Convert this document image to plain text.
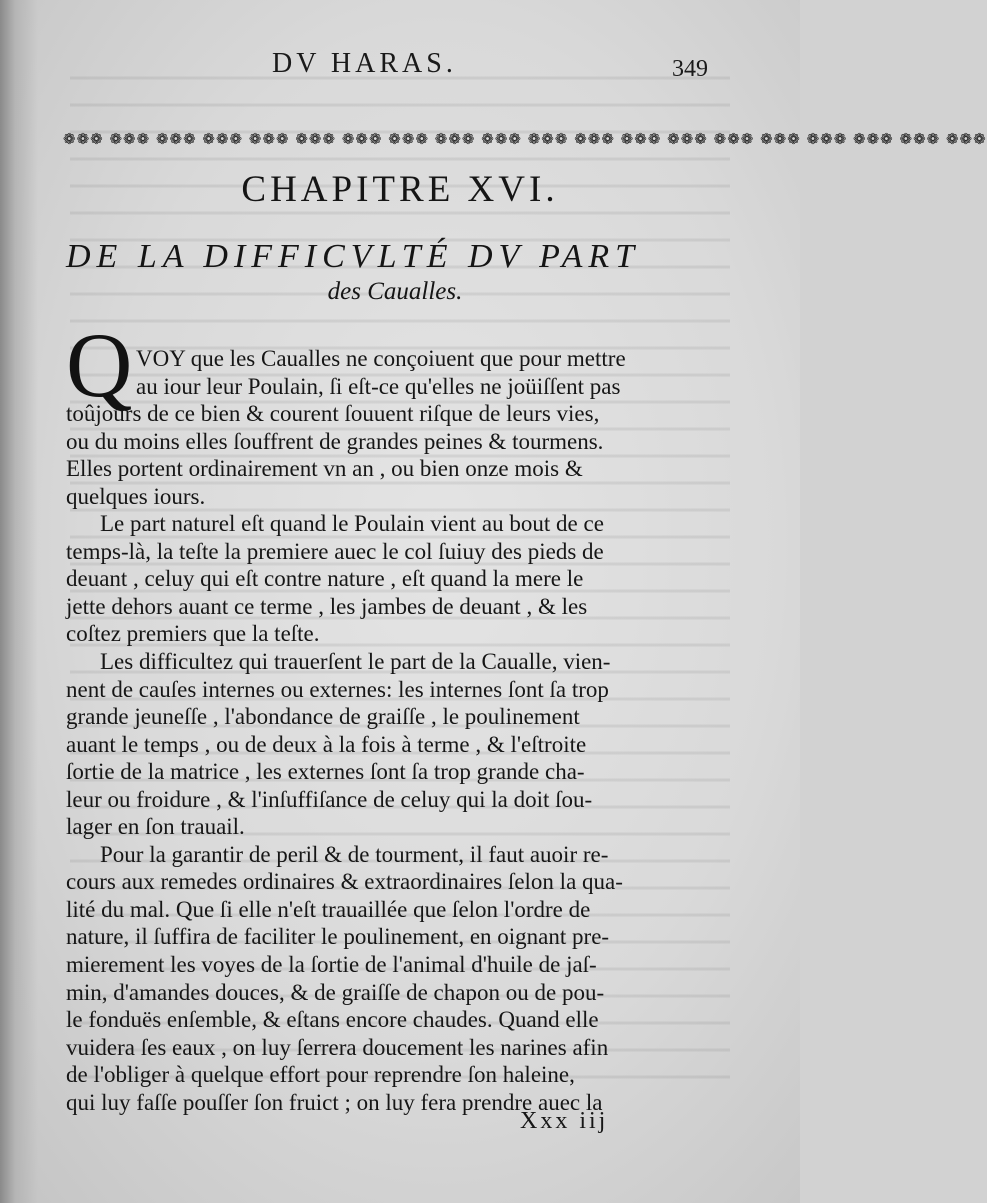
DV HARAS.	349
❁❁❁ ❁❁❁ ❁❁❁ ❁❁❁ ❁❁❁ ❁❁❁ ❁❁❁ ❁❁❁ ❁❁❁ ❁❁❁ ❁❁❁ ❁❁❁ ❁❁❁ ❁❁❁ ❁❁❁ ❁❁❁ ❁❁❁ ❁❁❁ ❁❁❁ ❁❁❁
CHAPITRE XVI.
DE LA DIFFICVLTÉ DV PART
des Caualles.
Q VOY que les Caualles ne conçoiuent que pour mettre
au iour leur Poulain, ſi eſt-ce qu'elles ne joüiſſent pas
toûjours de ce bien & courent ſouuent riſque de leurs vies,
ou du moins elles ſouffrent de grandes peines & tourmens.
Elles portent ordinairement vn an , ou bien onze mois &
quelques iours.
Le part naturel eſt quand le Poulain vient au bout de ce
temps-là, la teſte la premiere auec le col ſuiuy des pieds de
deuant , celuy qui eſt contre nature , eſt quand la mere le
jette dehors auant ce terme , les jambes de deuant , & les
coſtez premiers que la teſte.
Les difficultez qui trauerſent le part de la Caualle, vien-
nent de cauſes internes ou externes: les internes ſont ſa trop
grande jeuneſſe , l'abondance de graiſſe , le poulinement
auant le temps , ou de deux à la fois à terme , & l'eſtroite
ſortie de la matrice , les externes ſont ſa trop grande cha-
leur ou froidure , & l'inſuffiſance de celuy qui la doit ſou-
lager en ſon trauail.
Pour la garantir de peril & de tourment, il faut auoir re-
cours aux remedes ordinaires & extraordinaires ſelon la qua-
lité du mal. Que ſi elle n'eſt trauaillée que ſelon l'ordre de
nature, il ſuffira de faciliter le poulinement, en oignant pre-
mierement les voyes de la ſortie de l'animal d'huile de jaſ-
min, d'amandes douces, & de graiſſe de chapon ou de pou-
le fonduës enſemble, & eſtans encore chaudes. Quand elle
vuidera ſes eaux , on luy ſerrera doucement les narines afin
de l'obliger à quelque effort pour reprendre ſon haleine,
qui luy faſſe pouſſer ſon fruict ; on luy fera prendre auec la
Xxx iij
